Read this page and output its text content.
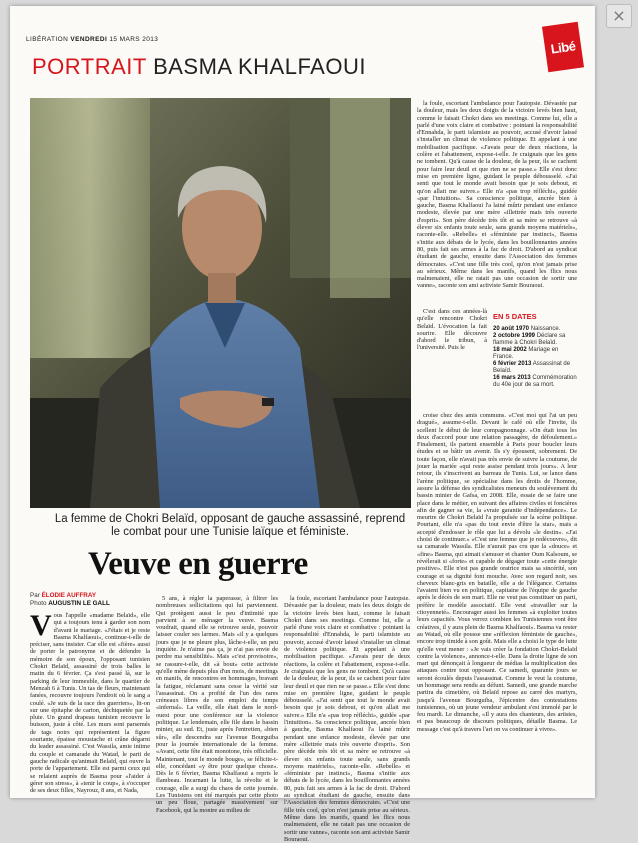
×
LIBÉRATION VENDREDI 15 MARS 2013	Libé
PORTRAIT BASMA KHALFAOUI

la foule, escortant l'ambulance pour l'autopsie. Dévastée par la douleur, mais les deux doigts de la victoire levés bien haut, comme le faisait Chokri dans ses meetings. Comme lui, elle a parlé d'une voix claire et combative : pointant la responsabilité d'Ennahda, le parti islamiste au pouvoir, accusé d'avoir laissé s'installer un climat de violence politique. Et appelant à une mobilisation pacifique. «J'avais peur de deux réactions, la colère et l'abattement, expose-t-elle. Je craignais que les gens ne tombent. Qu'à cause de la douleur, de la peur, ils se cachent pour faire leur deuil et que rien ne se passe.» Elle s'est donc mise en première ligne, guidant le peuple débousselé. «J'ai senti que tout le monde avait besoin que je sois debout, et qu'on allait me suivre.» Elle n'a «pas trop réfléchi», guidée «par l'intuition». Sa conscience politique, ancrée bien à gauche, Basma Khalfaoui l'a lainé mûrir pendant une enfance modeste, élevée par une mère «illettrée mais très ouverte d'esprit». Son père décède très tôt et sa mère se retrouve «à élever six enfants toute seule, sans grands moyens matériels», raconte-elle. «Rebelle» et «féministe par instinct», Basma s'initie aux débats de le lycée, dans les bouillonnantes années 80, puis fait ses armes à la fac de droit. D'abord au syndicat étudiant de gauche, ensuite dans l'Association des femmes démocrates. «C'est une fille très cool, qu'on n'est jamais prise au sérieux. Même dans les manifs, quand les flics nous malmenaient, elle ne ratait pas une occasion de sortir une vanne», raconte son ami activiste Samir Bouraoui.

EN 5 DATES
20 août 1970 Naissance.
2 octobre 1999 Déclare sa flamme à Chokri Belaïd.
18 mai 2002 Mariage en France.
6 février 2013 Assassinat de Belaïd.
16 mars 2013 Commémoration du 40e jour de sa mort.

C'est dans ces années-là qu'elle rencontre Chokri Belaïd. L'évocation la fait sourire. Elle découvre d'abord le tribun, à l'université. Puis le

croise chez des amis communs. «C'est moi qui l'ai un peu dragué», assume-t-elle. Devant le café où elle l'invite, ils scellent le début de leur compagnonnage. «On était tous les deux d'accord pour une relation passagère, de défoulement.» Finalement, ils partent ensemble à Paris pour boucler leurs études et se bâtir un avenir. Ils s'y épousent, sobrement. De toute façon, elle n'avait pas très envie de suivre la coutume, de jouer la mariée «qui reste assise pendant trois jours». A leur retour, ils s'inscrivent au barreau de Tunis. Lui, se lance dans l'arène politique, se spécialise dans les droits de l'homme, assure la défense des syndicalistes meneurs du soulèvement du bassin minier de Gafsa, en 2008. Elle, essaie de se faire une place dans le métier, en suivant des affaires civiles et foncières afin de gagner sa vie, la «vraie garantie d'indépendance». Le meurtre de Chokri Belaïd l'a propulsée sur la scène politique. Pourtant, elle n'a «pas du tout envie d'être la star», mais a accepté d'endosser le rôle que lui a dévolu «le destin». «J'ai choisi de continuer.» «C'est une femme que je redécouvre», dit sa camarade Wassila. Elle n'aurait pas cru que la «douce» et «fine» Basma, qui aimait s'amuser et chanter Oum Kalsoum, se révélerait si «forte» et capable de dégager toute «cette énergie positive». Elle n'est pas grande oratrice mais sa sincérité, son courage et sa dignité font mouche. Avec son regard noir, ses cheveux blanc-gris en bataille, elle a de l'élégance. Certains l'avaient bien vu en politique, capitaine de l'équipe de gauche après le décès de son mari. Elle ne veut pas constituer un parti, préfère le modèle associatif. Elle veut «travailler sur la citoyenneté». Encourager aussi les femmes «à exploiter toutes leurs capacités. Vous verrez combien les Tunisiennes vont être créatives, il y aura plein de Basma Khalfaoui». Basma va rester au Watad, où elle pousse une «réflexion féministe de gauche», encore trop timide à son goût. Mais elle a choisi le type de lutte qu'elle veut mener : «Je vais créer la fondation Chokri-Belaïd contre la violence», annonce-t-elle. Dans la droite ligne de son mari qui dénonçait à longueur de médias la multiplication des attaques contre tout opposant. Ce samedi, quarante jours se seront écoulés depuis l'assassinat. Comme le veut la coutume, un hommage sera rendu au défunt. Samedi, une grande marche partira du cimetière, où Belaïd repose au carré des martyrs, jusqu'à l'avenue Bourguiba, l'épicentre des contestations tunisiennes, où un jeune vendeur ambulant s'est immolé par le feu mardi. Le dimanche, «Il y aura des chanteurs, des artistes, et pas beaucoup de discours politiques, détaille Basma. Le message c'est qu'à travers l'art on va continuer à vivre».

La femme de Chokri Belaïd, opposant de gauche assassiné, reprend le combat pour une Tunisie laïque et féministe.
Veuve en guerre
Par ÉLODIE AUFFRAY
Photo AUGUSTIN LE GALL

Vous l'appelle «madame Belaïd», elle qui a toujours tenu à garder son nom d'avant le mariage. «J'étais et je reste Basma Khalfaoui», continue-t-elle de préciser, sans insister. Car elle est «fière» aussi de porter le patronyme et de défendre la mémoire de son époux, l'opposant tunisien Chokri Belaïd, assassiné de trois balles le matin du 6 février. Ça s'est passé là, sur le parking de leur immeuble, dans le quartier de Menzah 6 à Tunis. Un tas de fleurs, maintenant fanées, recouvre toujours l'endroit où le sang a coulé. «Je suis de la race des guerriers», lit-on sur une épitaphe de carton, déchiquetée par la pluie. Un grand drapeau tunisien recouvre le buisson, juste à côté. Les murs sont parsemés de tags noirs qui représentent la figure souriante, épaisse moustache et crâne dégarni du leader assassiné. C'est Wassila, amie intime du couple et camarade du Watad, le parti de gauche radicale qu'animait Belaïd, qui ouvre la porte de l'appartement. Elle est parmi ceux qui se relaient auprès de Basma pour «l'aider à gérer son stress», à «tenir le coup», à s'occuper de ses deux filles, Nayrouz, 8 ans, et Nada,

5 ans, à régler la paperasse, à filtrer les nombreuses sollicitations qui lui parviennent. Qui protègent aussi le peu d'intimité que parvient à se ménager la veuve. Basma voudrait, quand elle se retrouve seule, pouvoir laisser couler ses larmes. Mais «il y a quelques jours que je ne pleure plus, lâche-t-elle, un peu inquiète. Je n'aime pas ça, je n'ai pas envie de perdre ma sensibilité». Mais «c'est provisoire», se rassure-t-elle, dit «à bout» cette activiste qu'elle mène depuis plus d'un mois, de meetings en manifs, de rencontres en hommages, bravant la fatigue, réclamant sans cesse la vérité sur l'assassinat. On a profité de l'un des rares créneaux libres de son emploi du temps «infernal». La veille, elle était dans le nord-ouest pour une conférence sur la violence politique. Le lendemain, elle file dans le bassin minier, au sud. Et, juste après l'entretien, «bien sûr», elle descendra sur l'avenue Bourguiba pour la journée internationale de la femme. «Avant, cette fête était monotone, très officielle. Maintenant, tout le monde bouge», se félicite-t-elle, concédant «y être pour quelque chose». Dès le 6 février, Basma Khalfaoui a repris le flambeau. Incarnant la lutte, la révolte et le courage, elle a surgi du chaos de cette journée. Les Tunisiens ont été marqués par cette photo un peu floue, partagée massivement sur Facebook, qui la montre au milieu de

la foule, escortant l'ambulance pour l'autopsie. Dévastée par la douleur, mais les deux doigts de la victoire levés bien haut, comme le faisait Chokri dans ses meetings. Comme lui, elle a parlé d'une voix claire et combative : pointant la responsabilité d'Ennahda, le parti islamiste au pouvoir, accusé d'avoir laissé s'installer un climat de violence politique. Et appelant à une mobilisation pacifique. «J'avais peur de deux réactions, la colère et l'abattement, expose-t-elle. Je craignais que les gens ne tombent. Qu'à cause de la douleur, de la peur, ils se cachent pour faire leur deuil et que rien ne se passe.» Elle s'est donc mise en première ligne, guidant le peuple débousselé. «J'ai senti que tout le monde avait besoin que je sois debout, et qu'on allait me suivre.» Elle n'a «pas trop réfléchi», guidée «par l'intuition». Sa conscience politique, ancrée bien à gauche, Basma Khalfaoui l'a lainé mûrir pendant une enfance modeste, élevée par une mère «illettrée mais très ouverte d'esprit». Son père décède très tôt et sa mère se retrouve «à élever six enfants toute seule, sans grands moyens matériels», raconte-elle. «Rebelle» et «féministe par instinct», Basma s'initie aux débats de le lycée, dans les bouillonnantes années 80, puis fait ses armes à la fac de droit. D'abord au syndicat étudiant de gauche, ensuite dans l'Association des femmes démocrates. «C'est une fille très cool, qu'on n'est jamais prise au sérieux. Même dans les manifs, quand les flics nous malmenaient, elle ne ratait pas une occasion de sortir une vanne», raconte son ami activiste Samir Bouraoui.
